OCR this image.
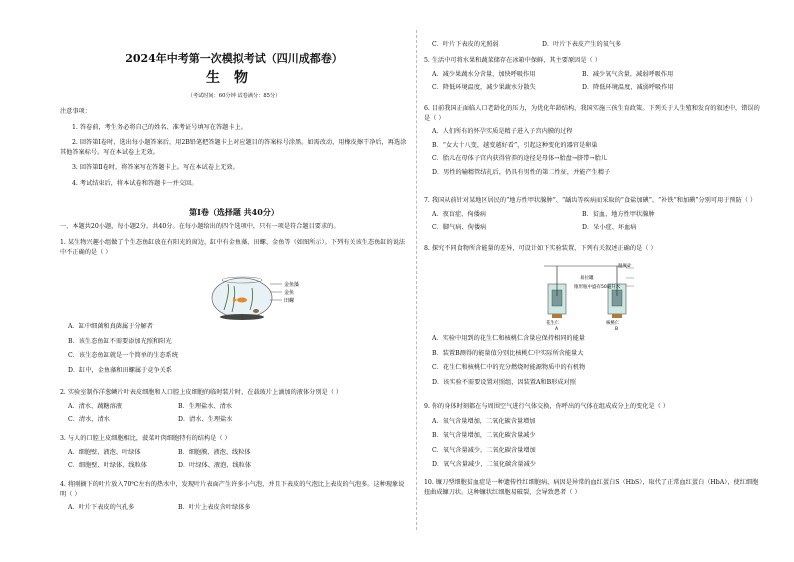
2024年中考第一次模拟考试（四川成都卷）
生物
（考试时间：60分钟 试卷满分：85分）
注意事项：
1. 答卷前，考生务必将自己的姓名、准考证号填写在答题卡上。
2. 回答第Ⅰ卷时，选出每小题答案后，用2B铅笔把答题卡上对应题目的答案标号涂黑。如需改动，用橡皮擦干净后，再选涂其他答案标号。写在本试卷上无效。
3. 回答第Ⅱ卷时，将答案写在答题卡上。写在本试卷上无效。
4. 考试结束后，将本试卷和答题卡一并交回。
第Ⅰ卷（选择题 共40分）
一、本题共20小题，每小题2分，共40分。在每小题给出的四个选项中，只有一项是符合题目要求的。
1. 某生物兴趣小组做了个生态鱼缸放在有阳光的窗边，缸中有金鱼藻、田螺、金鱼等（如图所示）。下列有关该生态鱼缸的说法中不正确的是（ ）
金鱼藻
金鱼
田螺
A．缸中细菌和真菌属于分解者
B．该生态鱼缸不需要添加光照和阳光
C．该生态鱼缸就是一个简单的生态系统
D．缸中，金鱼藻和田螺属于竞争关系
2. 实验室制作洋葱鳞片叶表皮细胞和人口腔上皮细胞的临时装片时，在载玻片上滴加的液体分别是（ ）
A．清水、蔬糖溶液	B．生理盐水、清水
C．清水、清水	D．清水、生理盐水
3. 与人的口腔上皮细胞相比，菠菜叶肉细胞特有的结构是（ ）
A．细胞壁、液泡、叶绿体	B．细胞膜、液泡、线粒体
C．细胞壁、叶绿体、线粒体	D．叶绿体、液泡、线粒体
4. 将刚摘下的叶片放入70℃左右的热水中，发现叶片表面产生许多小气泡，并且下表皮的气泡比上表皮的气泡多。这种现象说明（ ）
A．叶片下表皮的气孔多	B．叶片上表皮含叶绿体多
C．叶片下表皮的光照弱	D．叶片下表皮产生的氧气多
5. 生活中可将水果和蔬菜储存在冰箱中保鲜，其主要原因是（ ）
A．减少果蔬水分含量，加快呼吸作用	B．减少氧气含量，减弱呼吸作用
C．降低环境温度，减少果蔬水分散失	D．降低环境温度，减弱呼吸作用
6. 目前我国正面临人口老龄化的压力，为优化年龄结构，我国实施三孩生育政策。下列关于人生殖和发育的叙述中，错误的是（ ）
A．人们所有的怀孕实质是精子进入子宫内膜的过程
B．“女大十八变，越变越好看”，引起这种变化的器官是卵巢
C．胎儿在母体子宫内获得营养的途径是母体→胎盘→脐带→胎儿
D．男性的输精管结扎后，仍具有男性的第二性征，并能产生精子
7. 我国从前针对某地区居民的“地方性甲状腺肿”、“龋齿等疾病而采取的“食盐加碘”、“补铁”和加碘”分别可用于预防（ ）
A．夜盲症、佝偻病	B．贫血、地方性甲状腺肿
C．脚气病、佝偻病	D．呆小症、坏血病
8. 探究不同食物所含能量的差异，可设计如下实验装置，下列有关叙述正确的是（ ）
温度计
易拉罐
锥形瓶中盛有50毫升水
花生仁	核桃仁
A	B
A．实验中用到的花生仁和核桃仁含量应保持相同的能量
B．装置B测得的能量值分别比核桃仁中实际所含能量大
C．花生仁和核桃仁中的充分燃烧时能源物质中的有机物
D．该实验不需要设置对照组，因装置A和B形成对照
9. 你的身体时刻都在与周围空气进行气体交换，你呼出的气体在组成成分上的变化是（ ）
A．氧气含量增加，二氧化碳含量增加
B．氧气含量增加，二氧化碳含量减少
C．氧气含量减少，二氧化碳含量增加
D．氧气含量减少，二氧化碳含量减少
10. 镰刀型细胞贫血症是一种遗传性红细胞病，病因是异常的血红蛋白S（HbS），取代了正常血红蛋白（HbA），使红细胞扭曲成镰刀状。这种镰状红细胞易破裂，会导致患者（ ）
